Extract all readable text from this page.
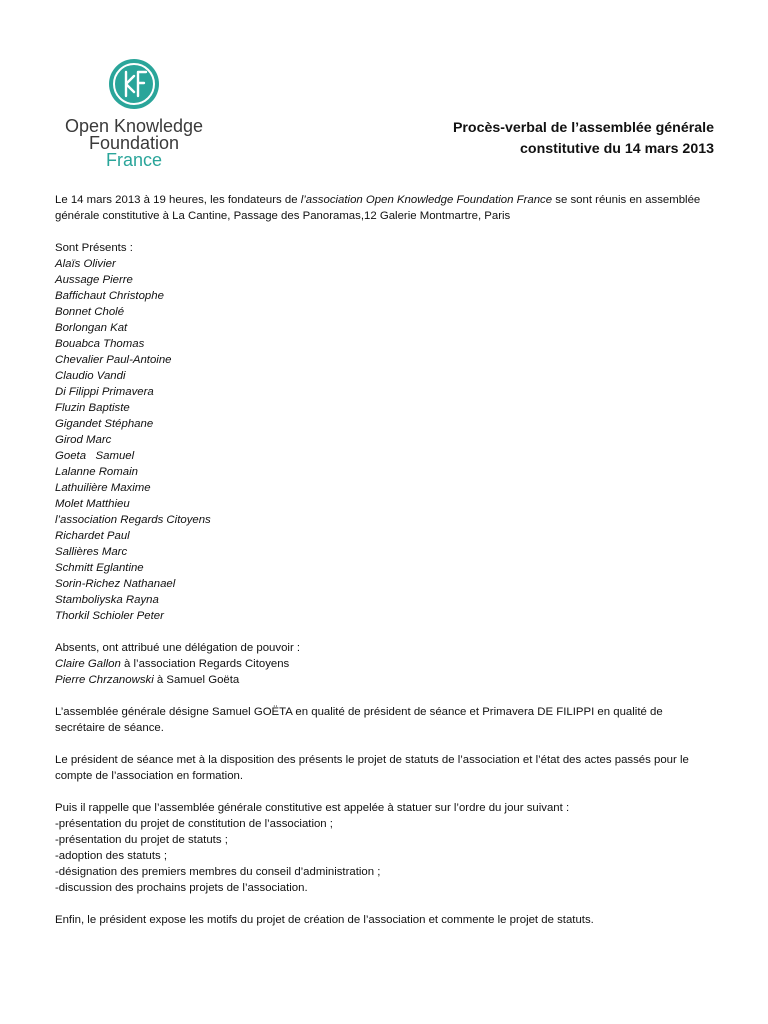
Open Knowledge
Foundation
France
Procès-verbal de l’assemblée générale
constitutive du 14 mars 2013

Le 14 mars 2013 à 19 heures, les fondateurs de l’association Open Knowledge Foundation France se sont réunis en assemblée générale constitutive à La Cantine, Passage des Panoramas,12 Galerie Montmartre, Paris

Sont Présents :
Alaïs Olivier
Aussage Pierre
Baffichaut Christophe
Bonnet Cholé
Borlongan Kat
Bouabca Thomas
Chevalier Paul-Antoine
Claudio Vandi
Di Filippi Primavera
Fluzin Baptiste
Gigandet Stéphane
Girod Marc
Goeta   Samuel
Lalanne Romain
Lathuilière Maxime
Molet Matthieu
l’association Regards Citoyens
Richardet Paul
Sallières Marc
Schmitt Eglantine
Sorin-Richez Nathanael
Stamboliyska Rayna
Thorkil Schioler Peter
Absents, ont attribué une délégation de pouvoir :
Claire Gallon à l’association Regards Citoyens
Pierre Chrzanowski à Samuel Goëta

L’assemblée générale désigne Samuel GOËTA en qualité de président de séance et Primavera DE FILIPPI en qualité de secrétaire de séance.

Le président de séance met à la disposition des présents le projet de statuts de l’association et l’état des actes passés pour le compte de l’association en formation.

Puis il rappelle que l’assemblée générale constitutive est appelée à statuer sur l’ordre du jour suivant :
-présentation du projet de constitution de l’association ;
-présentation du projet de statuts ;
-adoption des statuts ;
-désignation des premiers membres du conseil d’administration ;
-discussion des prochains projets de l’association.

Enfin, le président expose les motifs du projet de création de l’association et commente le projet de statuts.
